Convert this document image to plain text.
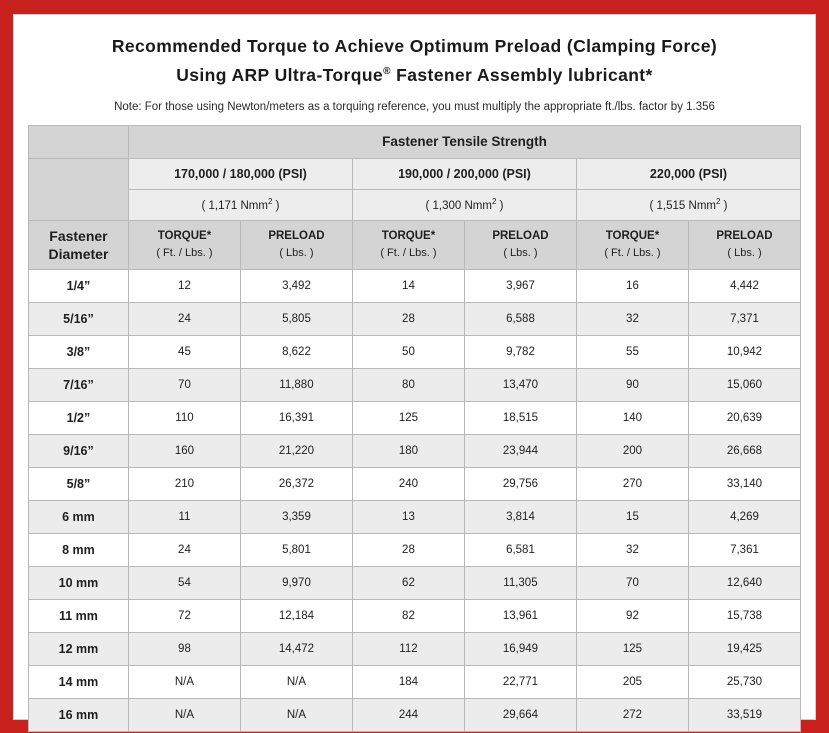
Recommended Torque to Achieve Optimum Preload (Clamping Force)
Using ARP Ultra-Torque® Fastener Assembly lubricant*
Note: For those using Newton/meters as a torquing reference, you must multiply the appropriate ft./lbs. factor by 1.356
	Fastener Tensile Strength					
	170,000 / 180,000 (PSI)		190,000 / 200,000 (PSI)		220,000 (PSI)	
	( 1,171 Nmm$^2$ )		( 1,300 Nmm$^2$ )		( 1,515 Nmm$^2$ )	

Fastener
Diameter
	TORQUE*
( Ft. / Lbs. )
	PRELOAD
( Lbs. )
	TORQUE*
( Ft. / Lbs. )
	PRELOAD
( Lbs. )
	TORQUE*
( Ft. / Lbs. )
	PRELOAD
( Lbs. )

1/4”	12	3,492	14	3,967	16	4,442
5/16”	24	5,805	28	6,588	32	7,371
3/8”	45	8,622	50	9,782	55	10,942
7/16”	70	11,880	80	13,470	90	15,060
1/2”	110	16,391	125	18,515	140	20,639
9/16”	160	21,220	180	23,944	200	26,668
5/8”	210	26,372	240	29,756	270	33,140
6 mm	11	3,359	13	3,814	15	4,269
8 mm	24	5,801	28	6,581	32	7,361
10 mm	54	9,970	62	11,305	70	12,640
11 mm	72	12,184	82	13,961	92	15,738
12 mm	98	14,472	112	16,949	125	19,425
14 mm	N/A	N/A	184	22,771	205	25,730
16 mm	N/A	N/A	244	29,664	272	33,519
